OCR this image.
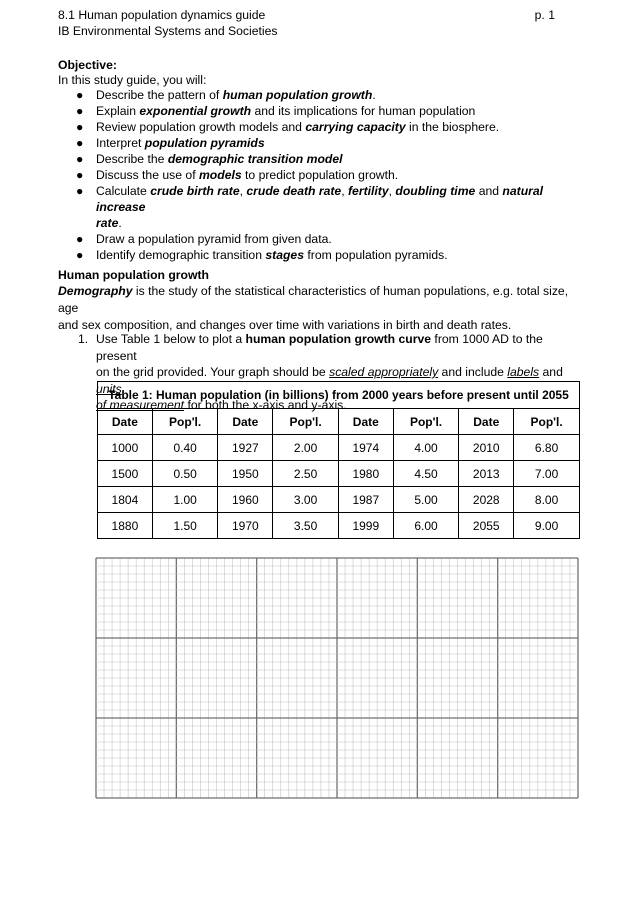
8.1 Human population dynamics guide	p. 1
IB Environmental Systems and Societies
Objective:
In this study guide, you will:
● Describe the pattern of human population growth.
● Explain exponential growth and its implications for human population
● Review population growth models and carrying capacity in the biosphere.
● Interpret population pyramids
● Describe the demographic transition model
● Discuss the use of models to predict population growth.
● Calculate crude birth rate, crude death rate, fertility, doubling time and natural increase
rate.
● Draw a population pyramid from given data.
● Identify demographic transition stages from population pyramids.
Human population growth
Demography is the study of the statistical characteristics of human populations, e.g. total size, age
and sex composition, and changes over time with variations in birth and death rates.
1. Use Table 1 below to plot a human population growth curve from 1000 AD to the present
on the grid provided. Your graph should be scaled appropriately and include labels and units
of measurement for both the x-axis and y-axis.
Table 1: Human population (in billions) from 2000 years before present until 2055							
Date	Pop'l.	Date	Pop'l.	Date	Pop'l.	Date	Pop'l.
1000	0.40	1927	2.00	1974	4.00	2010	6.80
1500	0.50	1950	2.50	1980	4.50	2013	7.00
1804	1.00	1960	3.00	1987	5.00	2028	8.00
1880	1.50	1970	3.50	1999	6.00	2055	9.00
